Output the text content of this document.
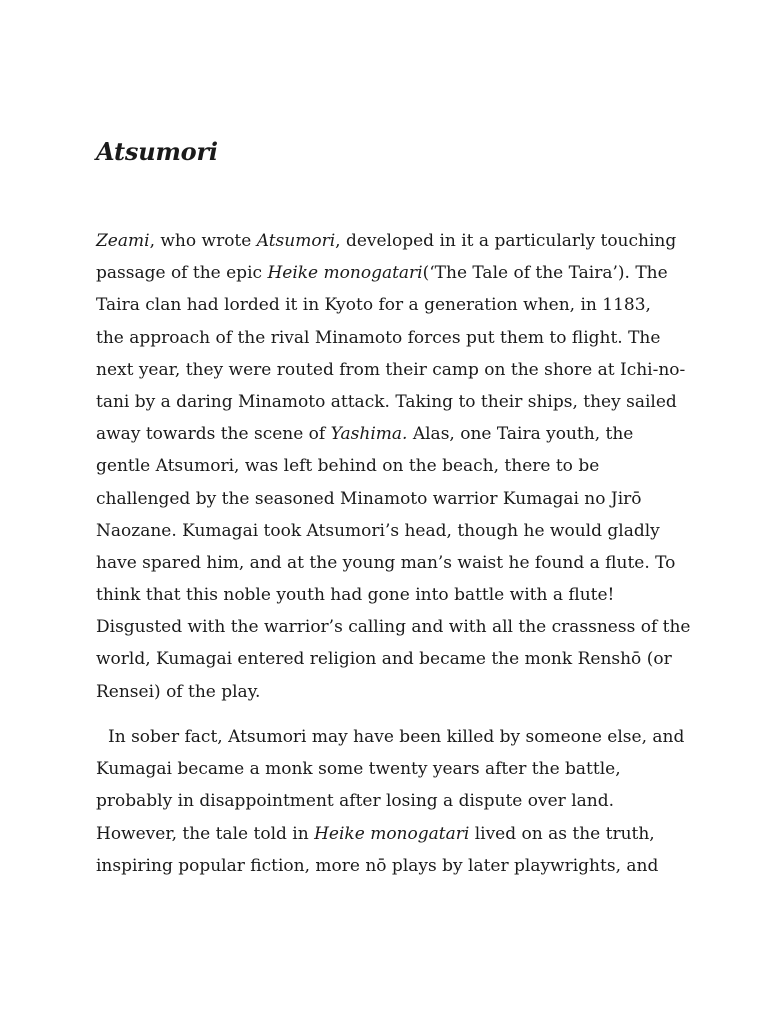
Atsumori
Zeami, who wrote Atsumori, developed in it a particularly touching
passage of the epic Heike monogatari(‘The Tale of the Taira’). The
Taira clan had lorded it in Kyoto for a generation when, in 1183,
the approach of the rival Minamoto forces put them to flight. The
next year, they were routed from their camp on the shore at Ichi-no-
tani by a daring Minamoto attack. Taking to their ships, they sailed
away towards the scene of Yashima. Alas, one Taira youth, the
gentle Atsumori, was left behind on the beach, there to be
challenged by the seasoned Minamoto warrior Kumagai no Jirō
Naozane. Kumagai took Atsumori’s head, though he would gladly
have spared him, and at the young man’s waist he found a flute. To
think that this noble youth had gone into battle with a flute!
Disgusted with the warrior’s calling and with all the crassness of the
world, Kumagai entered religion and became the monk Renshō (or
Rensei) of the play.
In sober fact, Atsumori may have been killed by someone else, and
Kumagai became a monk some twenty years after the battle,
probably in disappointment after losing a dispute over land.
However, the tale told in Heike monogatari lived on as the truth,
inspiring popular fiction, more nō plays by later playwrights, and
